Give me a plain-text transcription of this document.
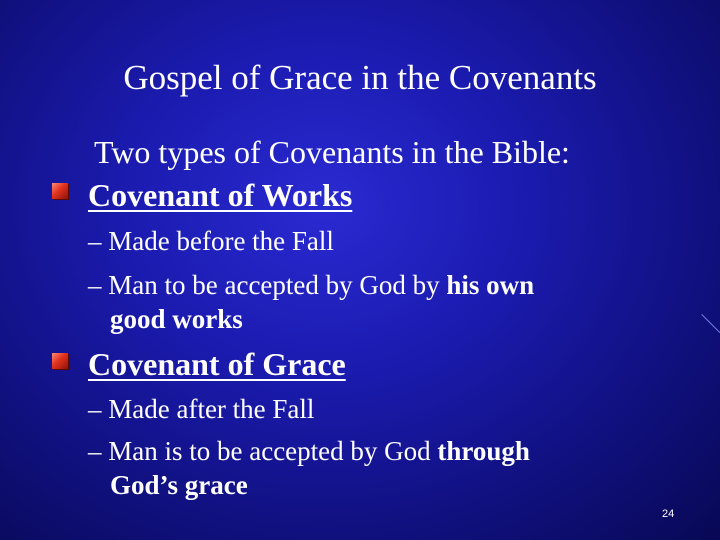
Gospel of Grace in the Covenants
Two types of Covenants in the Bible:
Covenant of Works
– Made before the Fall
– Man to be accepted by God by his own
good works
Covenant of Grace
– Made after the Fall
– Man is to be accepted by God through
God’s grace
24
